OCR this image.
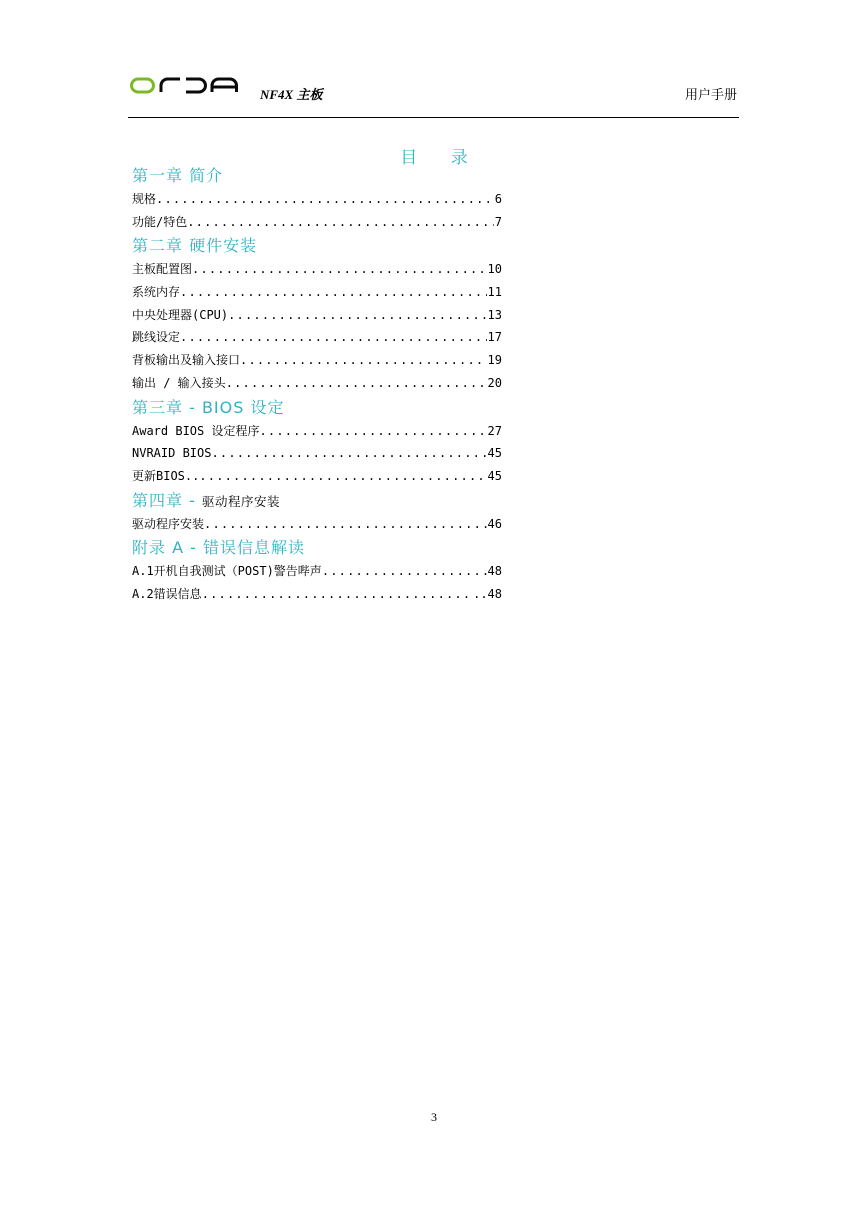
NF4X 主板	用户手册
目 录
第一章 简介
规格 .....	6
功能/特色 .....	7
第二章 硬件安装
主板配置图 .....	10
系统内存 .....	11
中央处理器(CPU) .....	13
跳线设定 .....	17
背板输出及输入接口 .....	19
输出 / 输入接头 .....	20
第三章 - BIOS 设定
Award BIOS 设定程序 .....	27
NVRAID BIOS .....	45
更新BIOS.. .....	45
第四章 - 驱动程序安装
驱动程序安装 .....	46
附录 A - 错误信息解读
A.1开机自我测试（POST)警告哔声 .....	48
A.2错误信息 .....	..48
3
